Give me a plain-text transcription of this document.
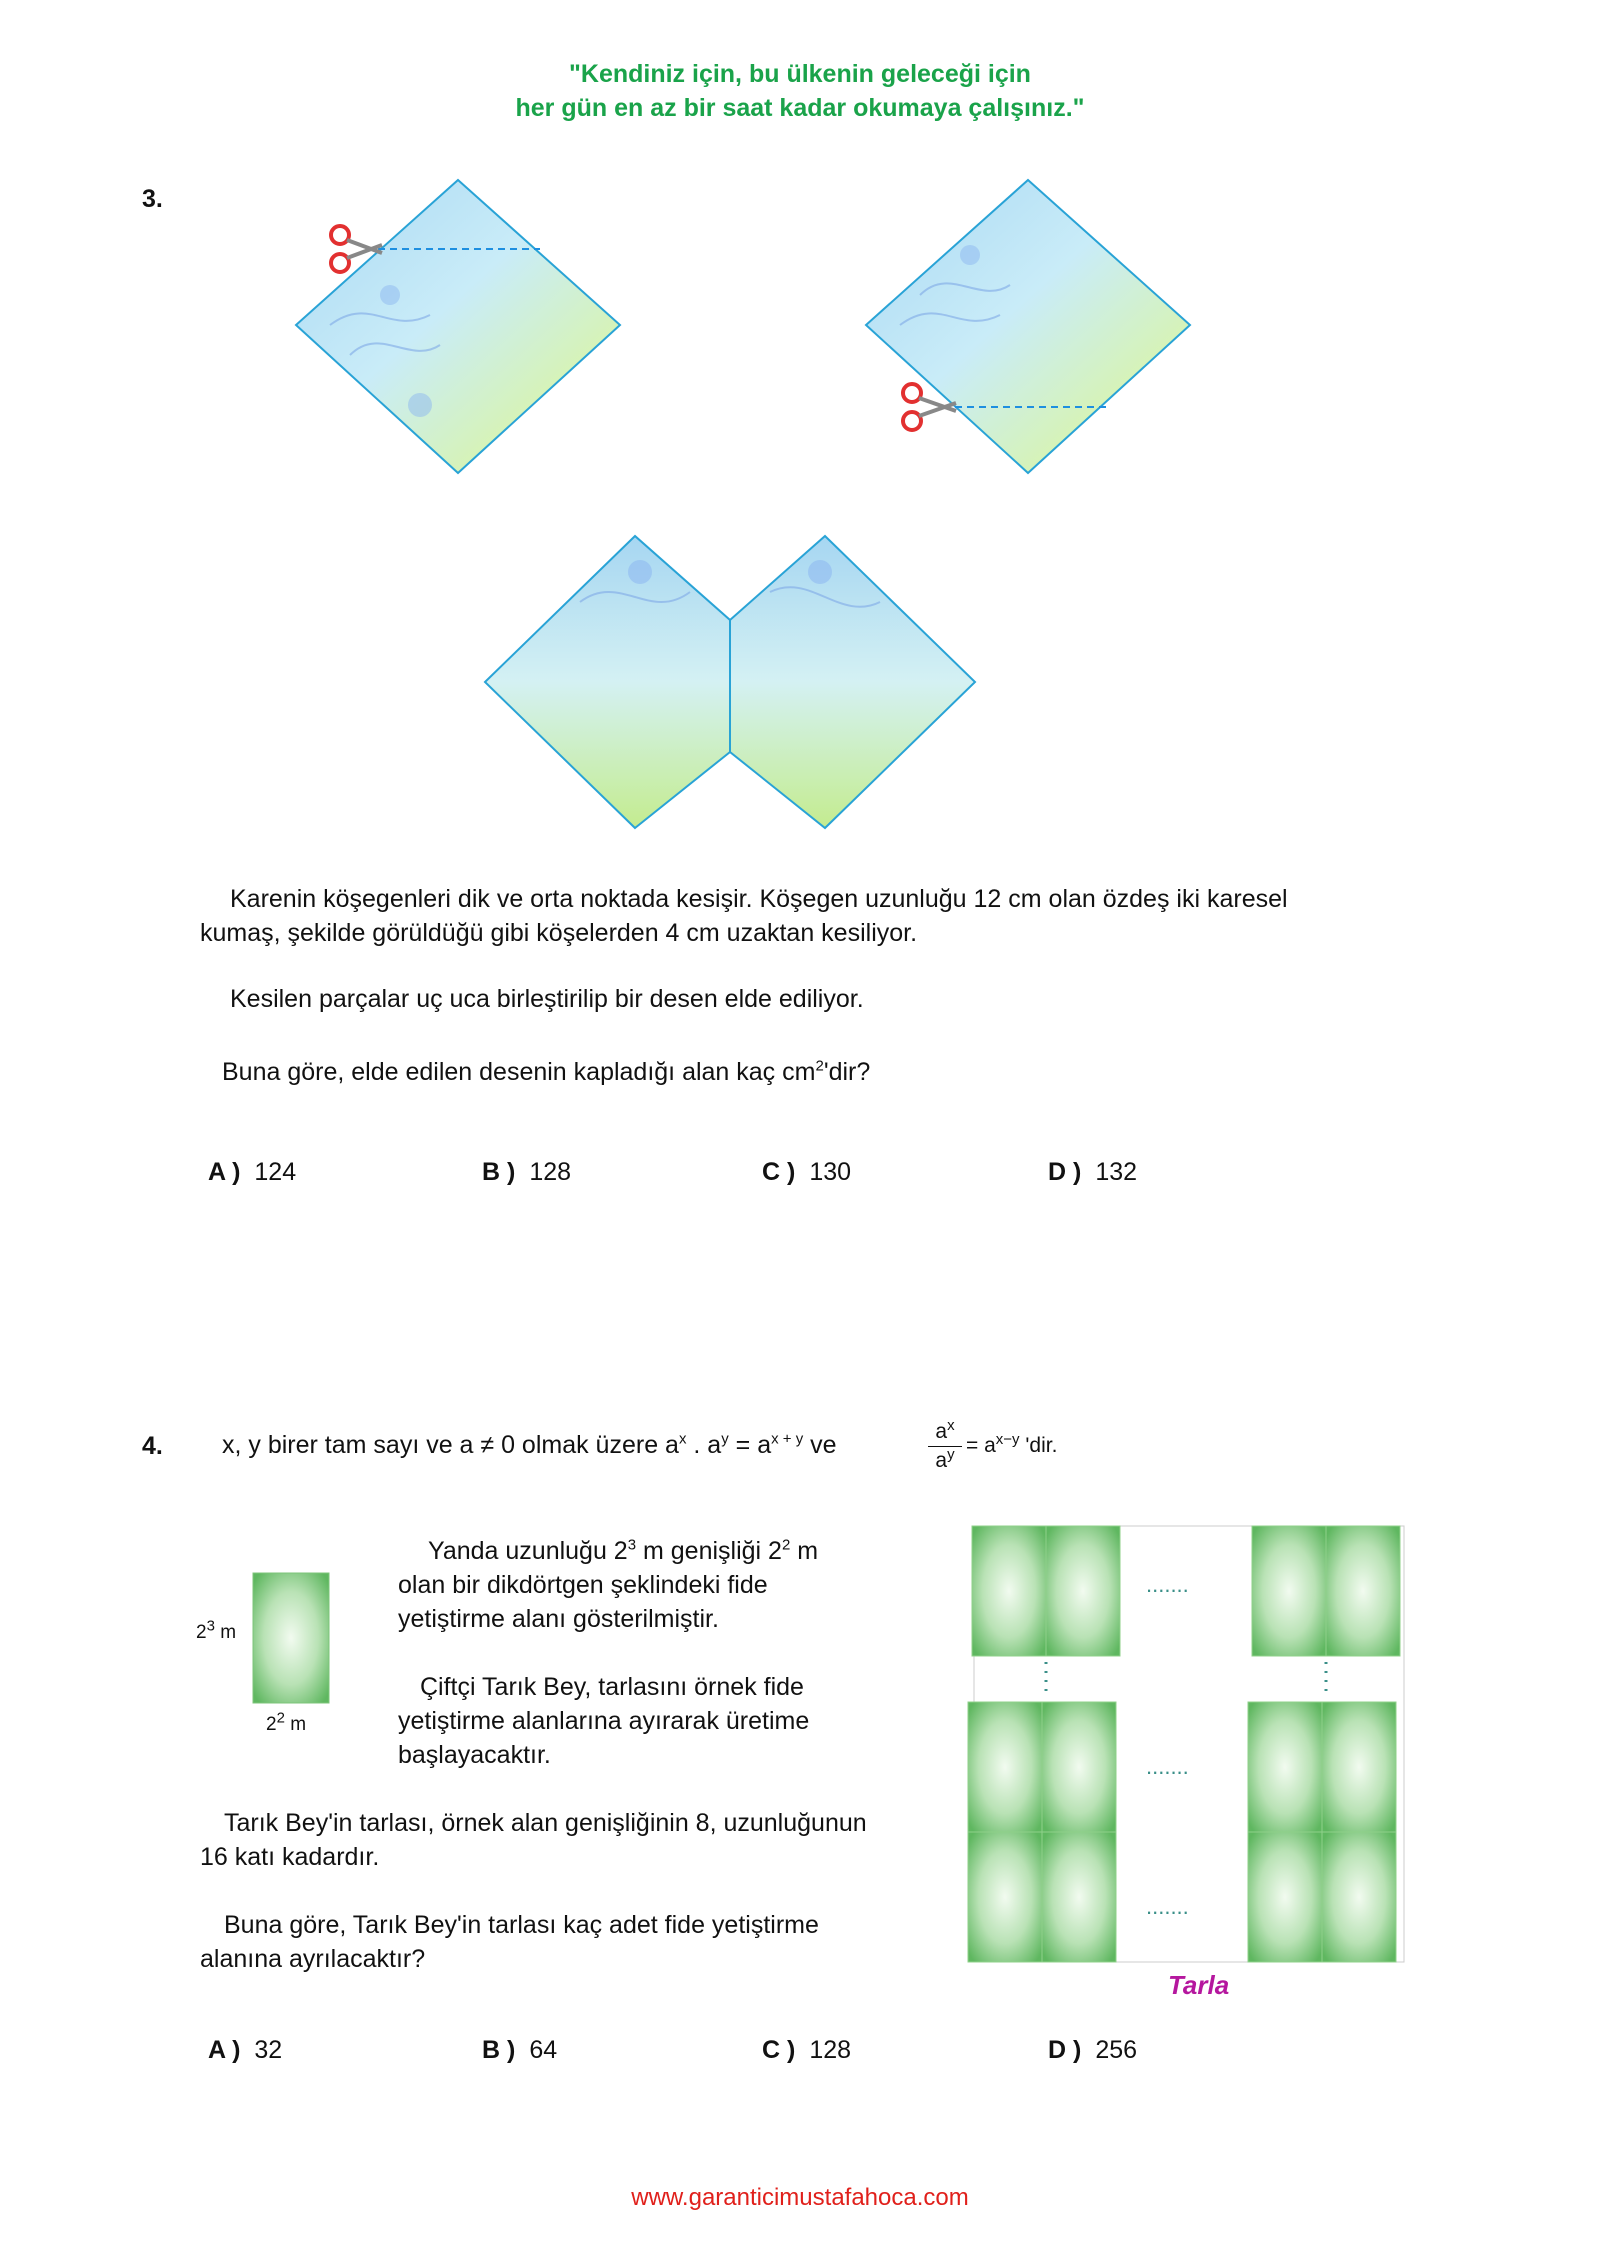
"Kendiniz için, bu ülkenin geleceği için
her gün en az bir saat kadar okumaya çalışınız."
3.
Karenin köşegenleri dik ve orta noktada kesişir. Köşegen uzunluğu 12 cm olan özdeş iki karesel
kumaş, şekilde görüldüğü gibi köşelerden 4 cm uzaktan kesiliyor.
Kesilen parçalar uç uca birleştirilip bir desen elde ediliyor.
Buna göre, elde edilen desenin kapladığı alan kaç $cm^2'dir$?
A ) 124	B ) 128	C ) 130	D ) 132
4. x, y birer tam sayı ve a ≠ 0 olmak üzere $a^x$ . $a^y = a^{x + y}$ ve	$\frac{a^x}{a^y} = a^{x-y}$ 'dir.
$2^3$ m
$2^2$ m
Yanda uzunluğu $2^3$ m genişliği $2^2$ m
olan bir dikdörtgen şeklindeki fide
yetiştirme alanı gösterilmiştir.
Çiftçi Tarık Bey, tarlasını örnek fide
yetiştirme alanlarına ayırarak üretime
başlayacaktır.
Tarık Bey'in tarlası, örnek alan genişliğinin 8, uzunluğunun
16 katı kadardır.
Buna göre, Tarık Bey'in tarlası kaç adet fide yetiştirme
alanına ayrılacaktır?
.......
.......
.......
Tarla
A ) 32	B ) 64	C ) 128	D ) 256
www.garanticimustafahoca.com
